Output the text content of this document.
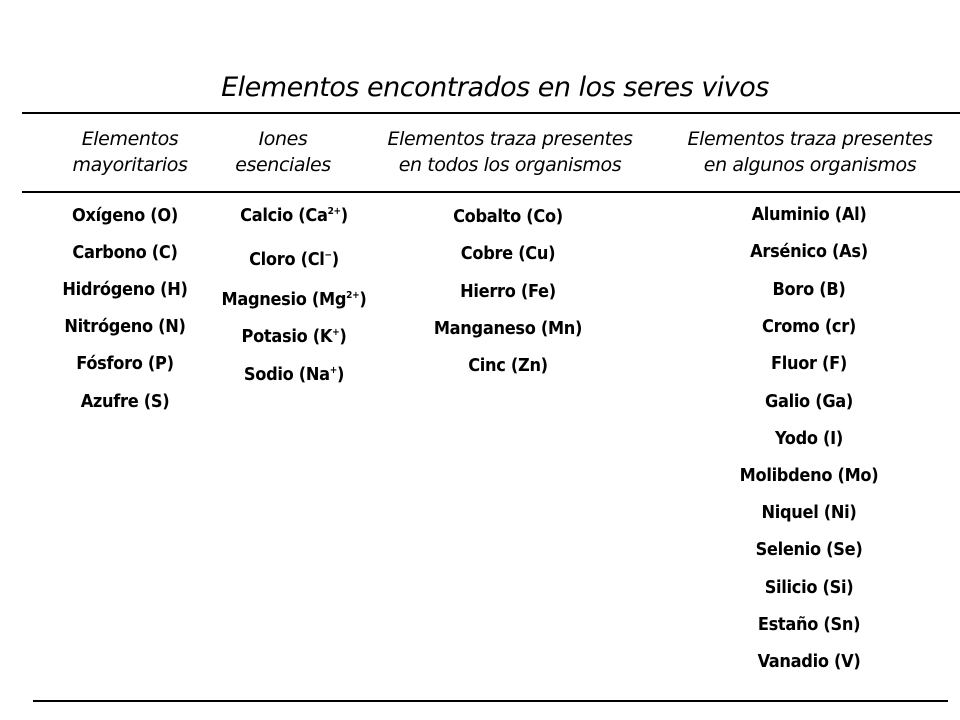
Elementos encontrados en los seres vivos
Elementos
mayoritarios
Iones
esenciales
Elementos traza presentes
en todos los organismos
Elementos traza presentes
en algunos organismos
Oxígeno (O)
Carbono (C)
Hidrógeno (H)
Nitrógeno (N)
Fósforo (P)
Azufre (S)
Calcio $(Ca^{2+})$
Cloro (Cl−)
Magnesio $(Mg^{2+})$
Potasio (K+)
Sodio (Na+)
Cobalto (Co)
Cobre (Cu)
Hierro (Fe)
Manganeso (Mn)
Cinc (Zn)
Aluminio (Al)
Arsénico (As)
Boro (B)
Cromo (cr)
Fluor (F)
Galio (Ga)
Yodo (I)
Molibdeno (Mo)
Niquel (Ni)
Selenio (Se)
Silicio (Si)
Estaño (Sn)
Vanadio (V)
